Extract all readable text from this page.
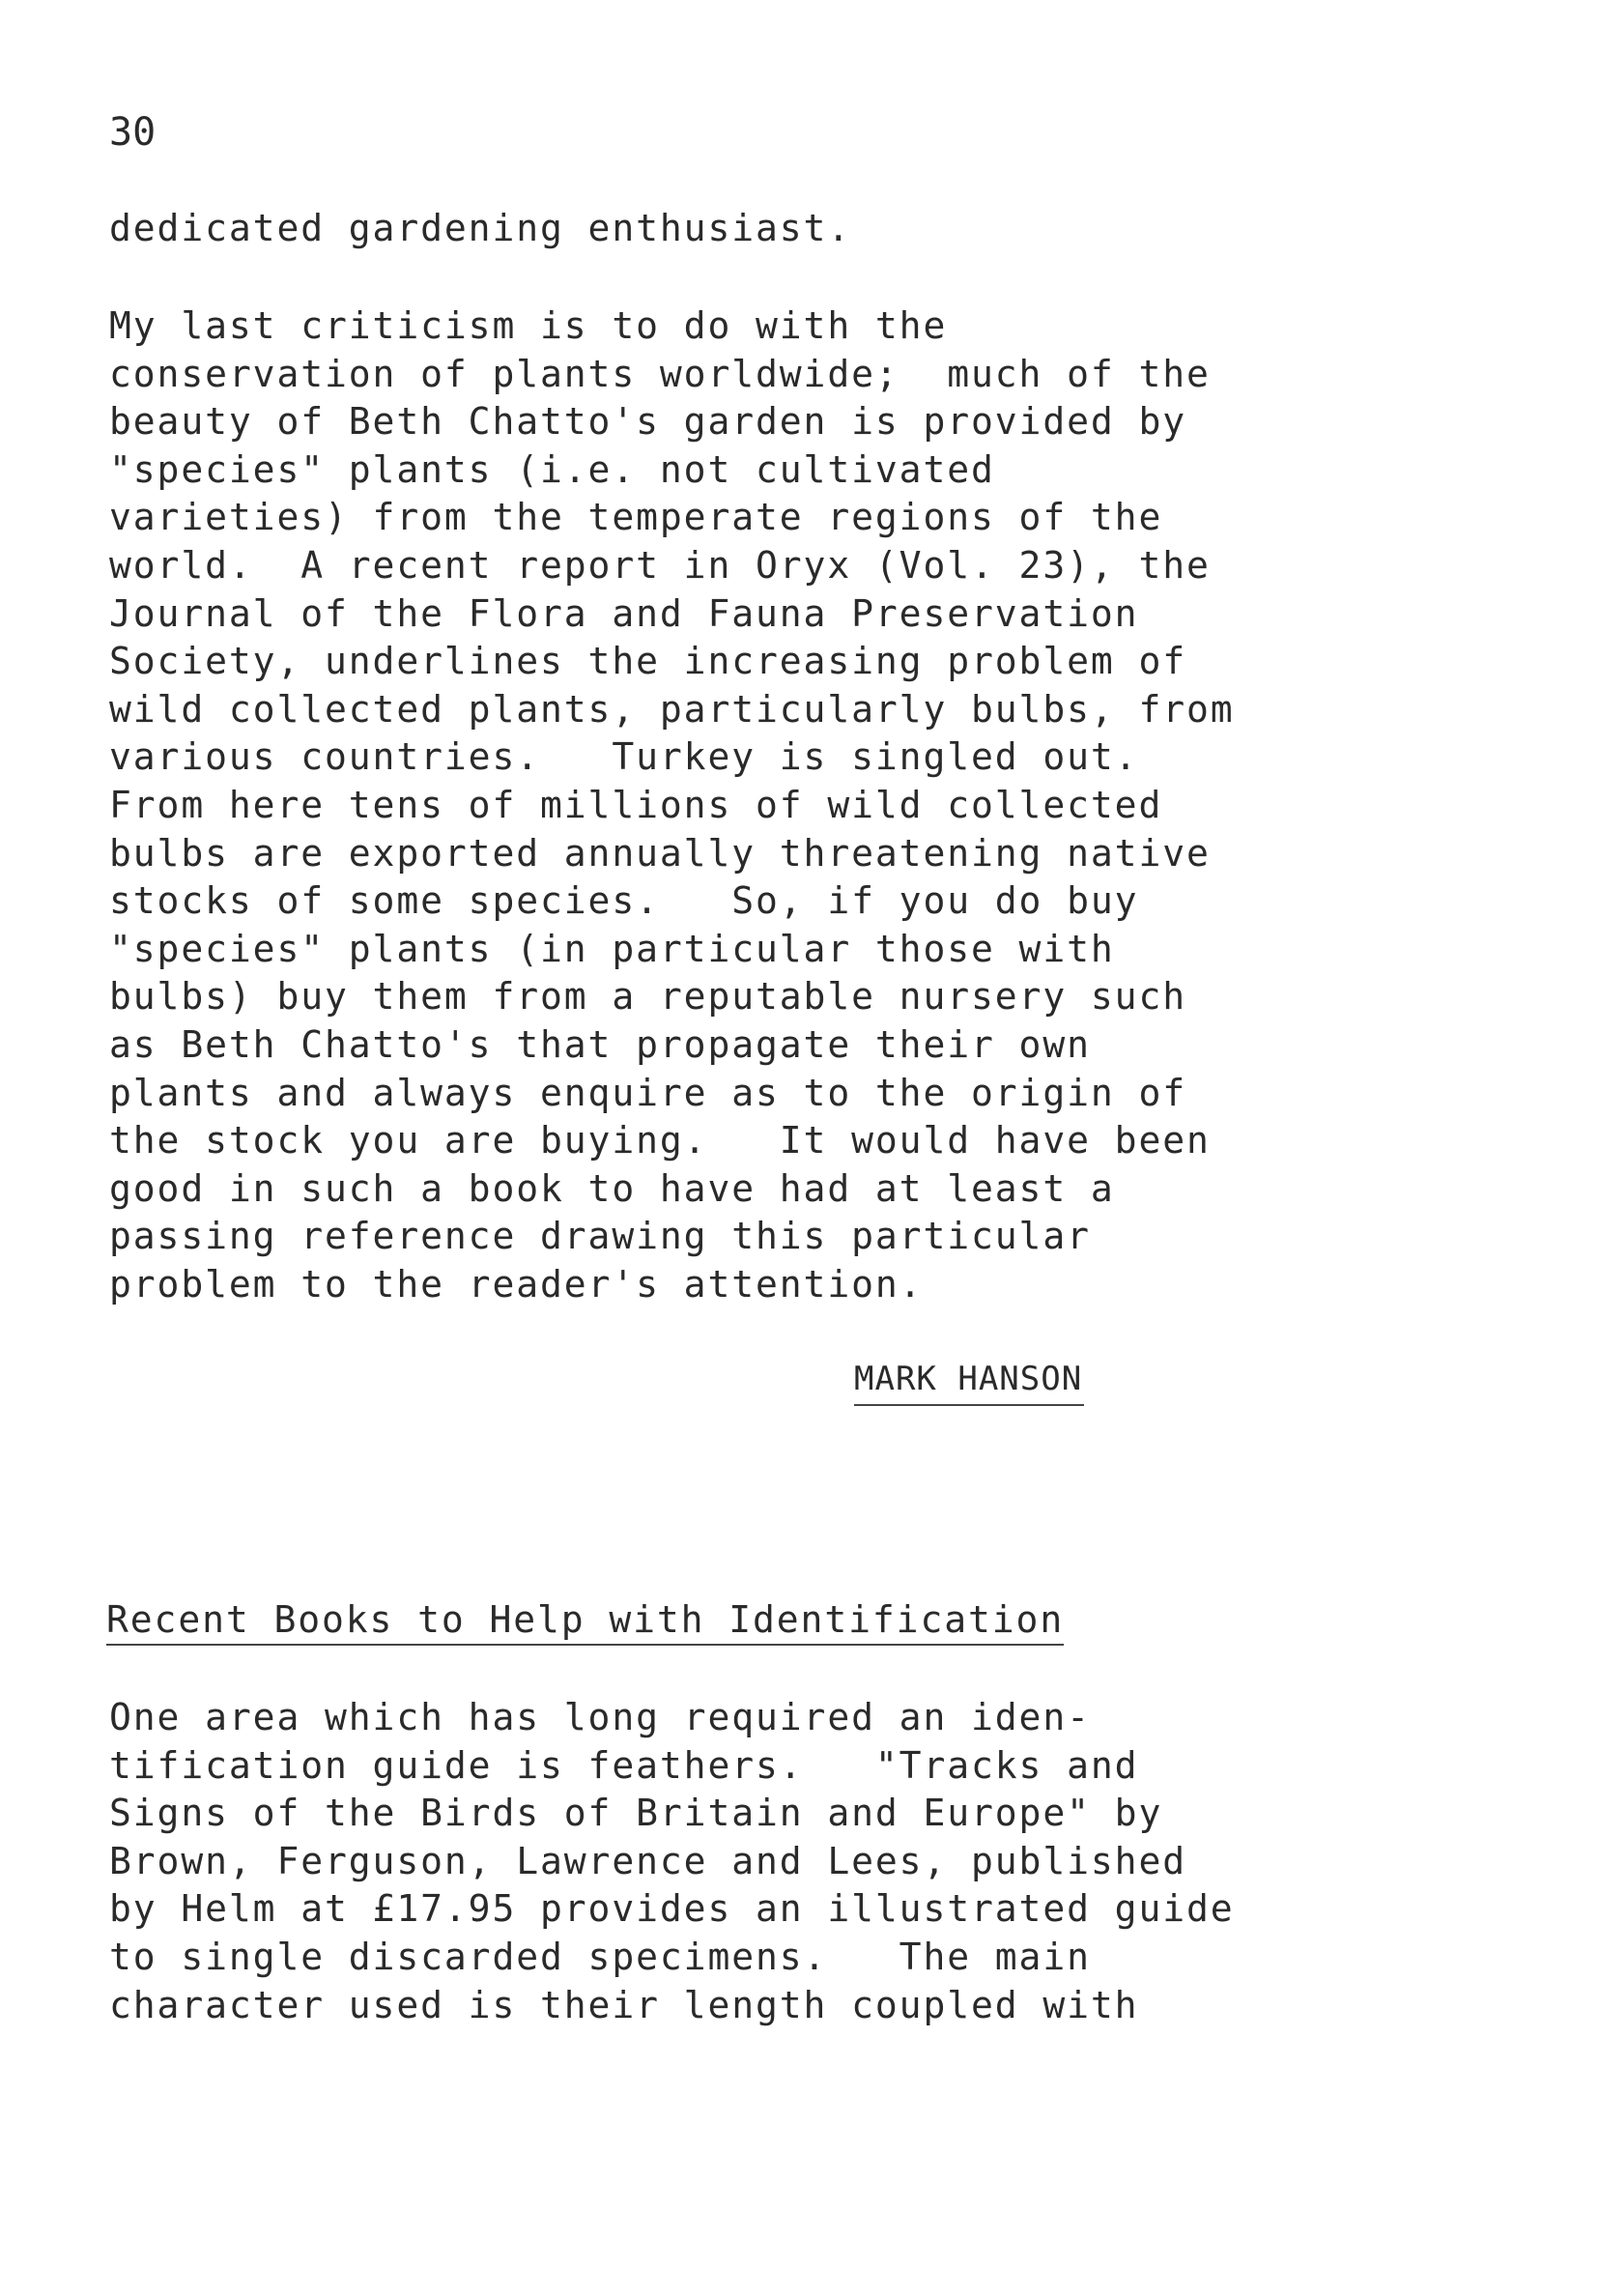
30

dedicated gardening enthusiast.
My last criticism is to do with the
conservation of plants worldwide;  much of the
beauty of Beth Chatto's garden is provided by
"species" plants (i.e. not cultivated
varieties) from the temperate regions of the
world.  A recent report in Oryx (Vol. 23), the
Journal of the Flora and Fauna Preservation
Society, underlines the increasing problem of
wild collected plants, particularly bulbs, from
various countries.   Turkey is singled out.
From here tens of millions of wild collected
bulbs are exported annually threatening native
stocks of some species.   So, if you do buy
"species" plants (in particular those with
bulbs) buy them from a reputable nursery such
as Beth Chatto's that propagate their own
plants and always enquire as to the origin of
the stock you are buying.   It would have been
good in such a book to have had at least a
passing reference drawing this particular
problem to the reader's attention.

MARK HANSON

Recent Books to Help with Identification
One area which has long required an iden-
tification guide is feathers.   "Tracks and
Signs of the Birds of Britain and Europe" by
Brown, Ferguson, Lawrence and Lees, published
by Helm at £17.95 provides an illustrated guide
to single discarded specimens.   The main
character used is their length coupled with
